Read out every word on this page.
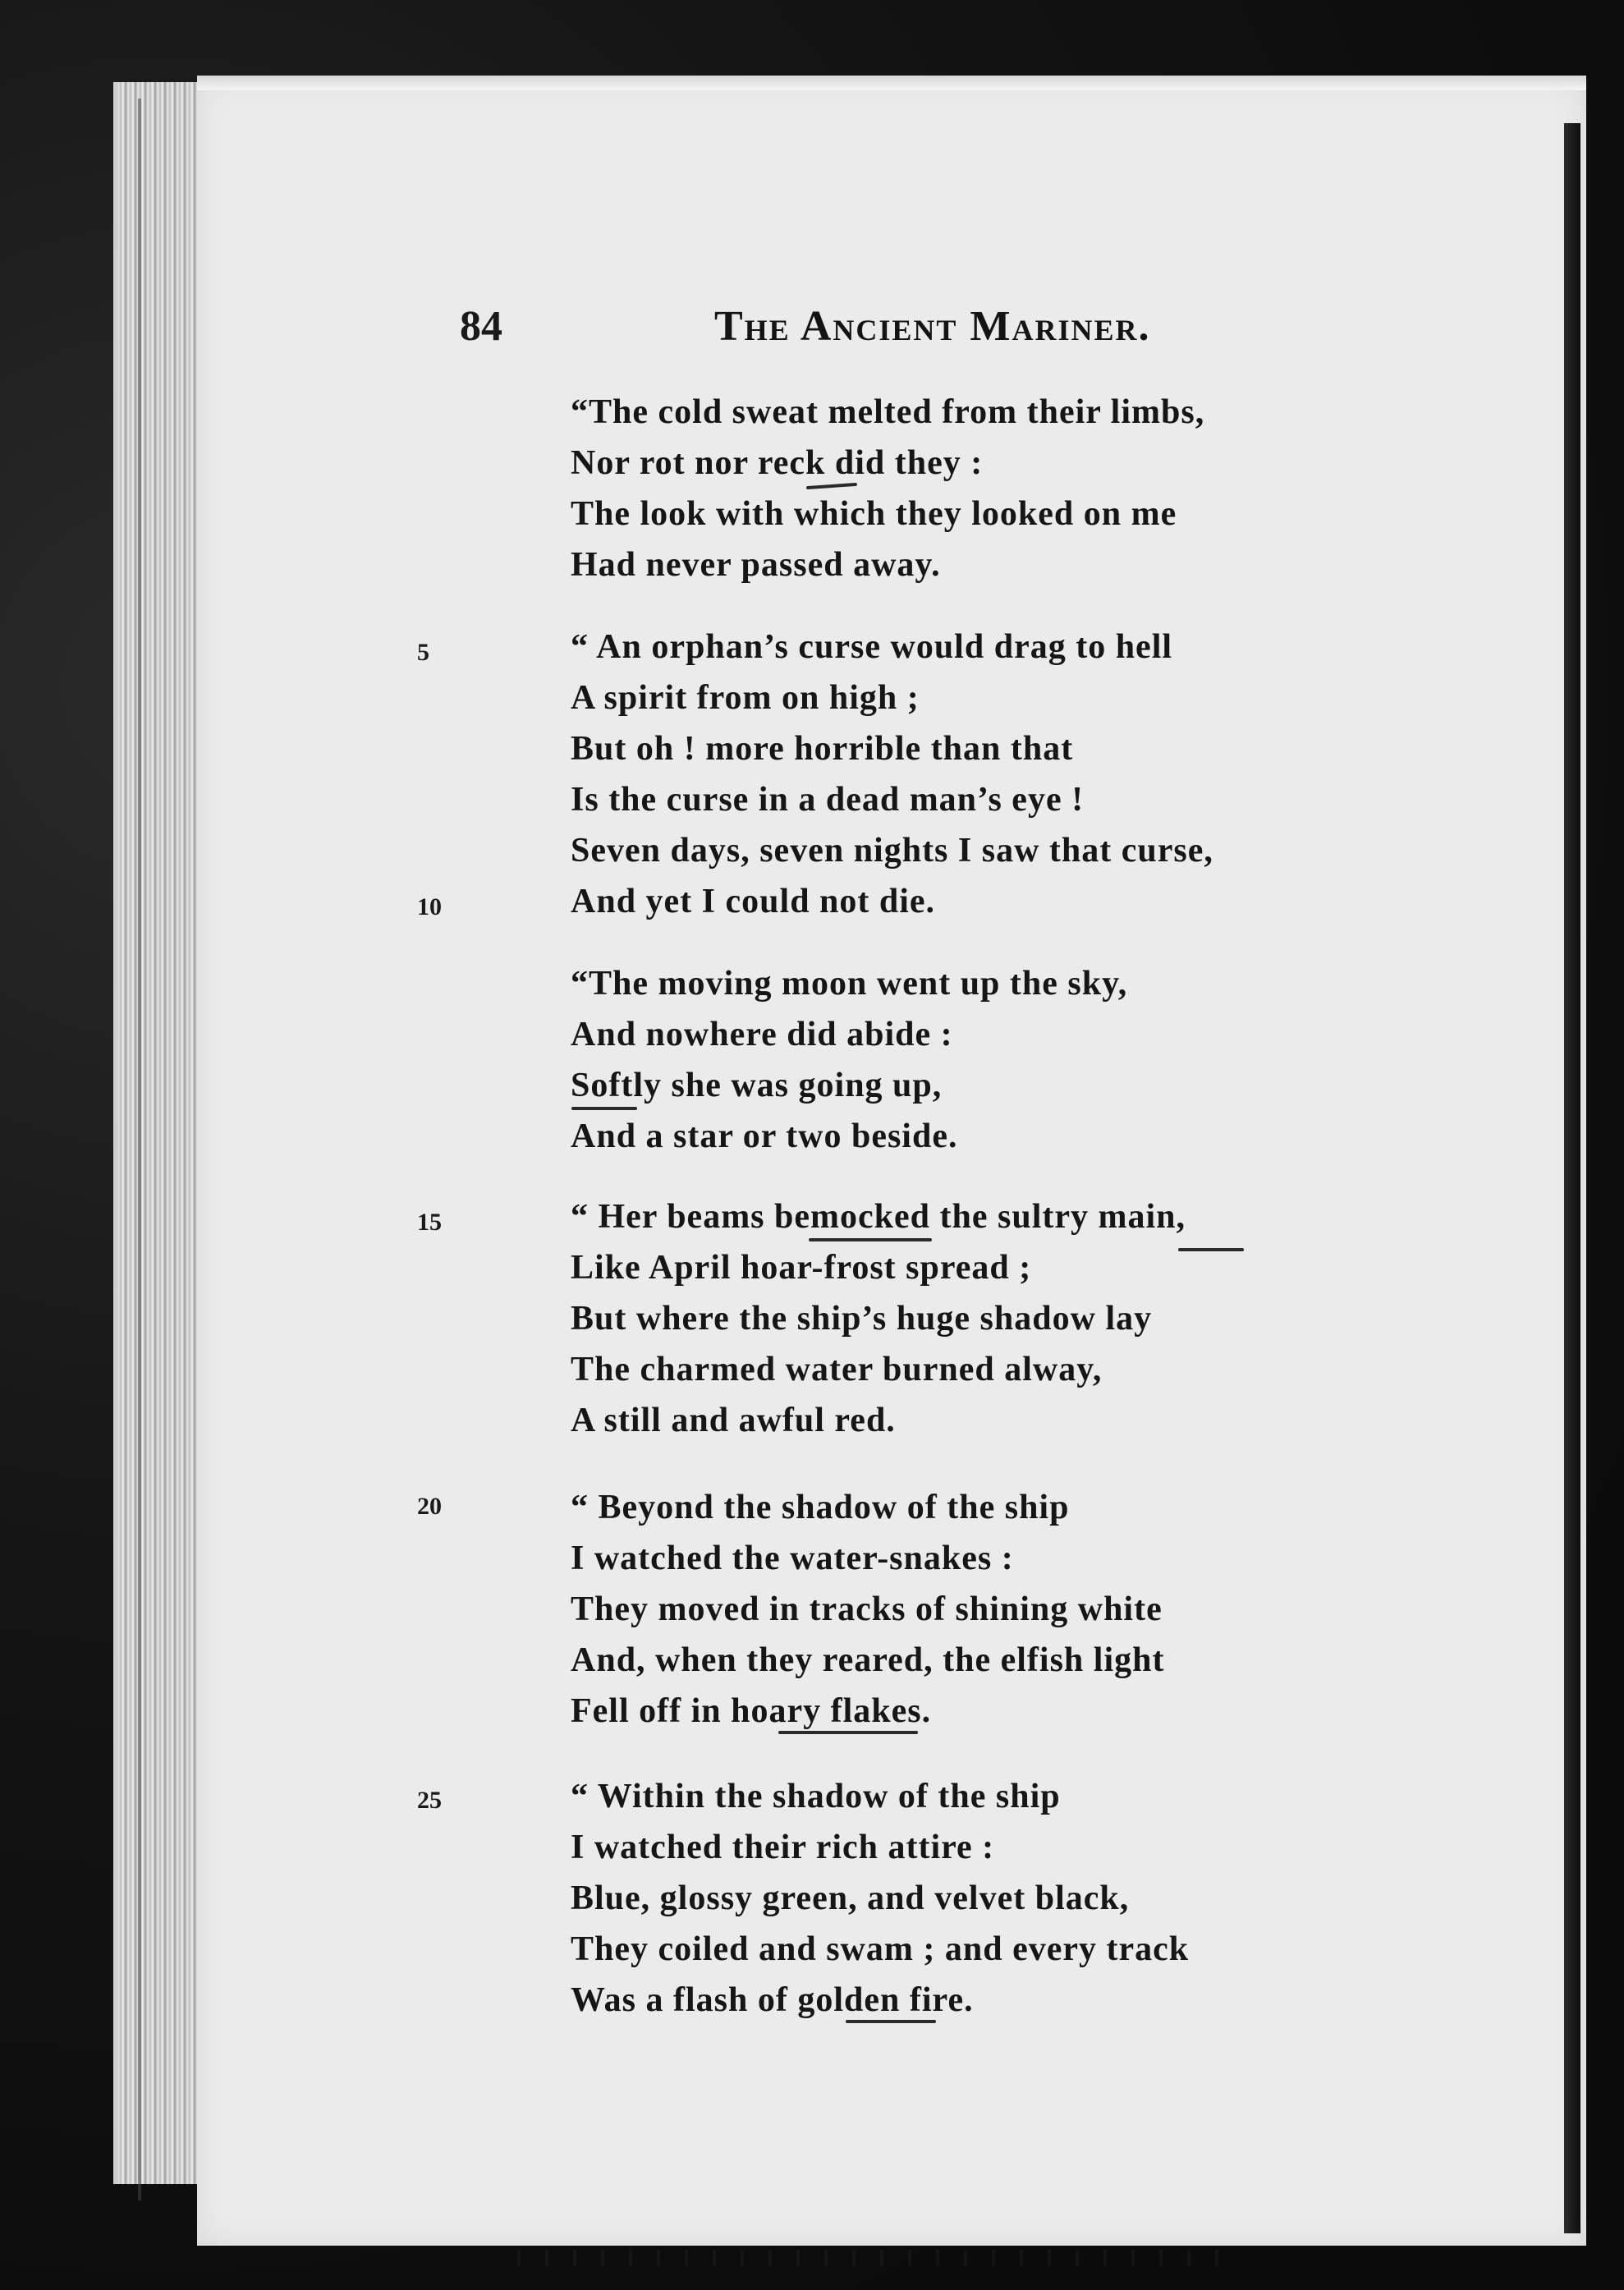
84	The Ancient Mariner.
“The cold sweat melted from their limbs,
Nor rot nor reck did they :
The look with which they looked on me
Had never passed away.
5	“ An orphan’s curse would drag to hell
A spirit from on high ;
But oh ! more horrible than that
Is the curse in a dead man’s eye !
Seven days, seven nights I saw that curse,
10	And yet I could not die.
“The moving moon went up the sky,
And nowhere did abide :
Softly she was going up,
And a star or two beside.
15	“ Her beams bemocked the sultry main,
Like April hoar-frost spread ;
But where the ship’s huge shadow lay
The charmed water burned alway,
A still and awful red.
20	“ Beyond the shadow of the ship
I watched the water-snakes :
They moved in tracks of shining white
And, when they reared, the elfish light
Fell off in hoary flakes.
25	“ Within the shadow of the ship
I watched their rich attire :
Blue, glossy green, and velvet black,
They coiled and swam ; and every track
Was a flash of golden fire.
